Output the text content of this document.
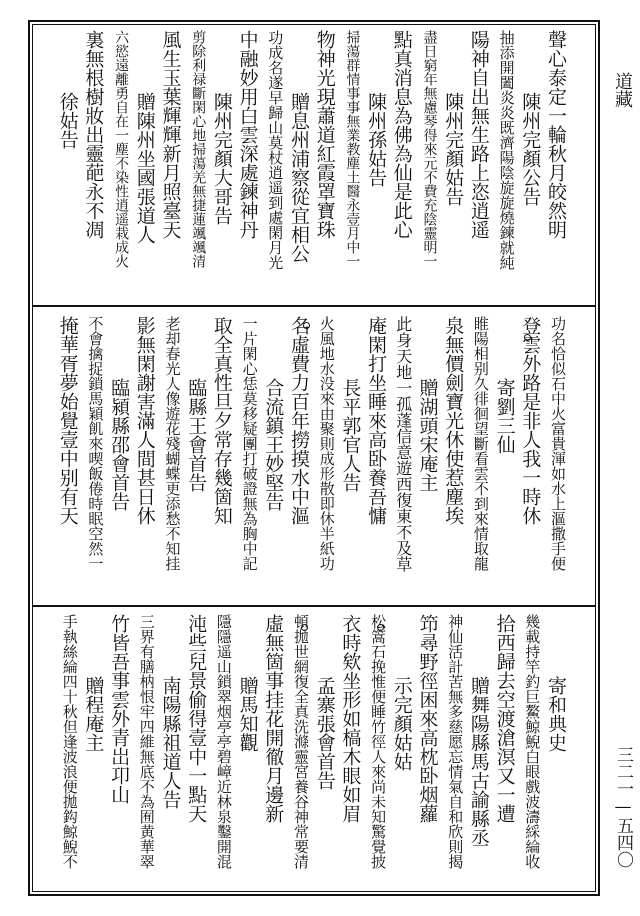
道藏
三二一—五四〇
聲心泰定一輪秋月皎然明
陳州完顏公告
抽添開闔炎炎既濟陽陰旋旋燒鍊就純
陽神自出無生路上恣逍遥
陳州完顏姑告
盡日窮年無慮琴得來元不費充陰靈明一
點真消息為佛為仙是此心
陳州孫姑告
掃蕩群情事事無業教塵土醫永壹月中一
物神光現蕭道紅霞罩寶珠
贈息州浦察從宜相公
功成名遂早歸山莫杖逍遥到處閑月光
中融妙用白雲深處鍊神丹
陳州完顏大哥告
剪除利禄斷閑心地掃蕩羌無捷蓮颯颯清
風生玉葉輝輝新月照臺天
贈陳州坐國張道人
六慾遠離勇自在一塵不染性逍遥栽成火
裏無根樹妝出靈葩永不凋
徐姑告
功名恰似石中火富貴渾如水上漚撒手便
登雲外路是非人我一時休
寄劉三仙
睢陽相别久徘徊望斷看雲不到來情取龍
泉無價劍寶光休使惹塵埃
贈湖頭宋庵主
此身天地一孤蓬信意遊西復東不及草
庵閑打坐睡來高卧養吾慵
長平郭官人告
火風地水没來由聚則成形散即休半紙功
名虛費力百年撈摸水中漚
合流鎮王妙堅告
一片閑心恁莫移疑團打破證無為胸中記
取全真性旦夕常存幾箇知
臨縣王會首告
老却春光人像遊花殘蝴蝶更添愁不知挂
影無閑謝害滿人間甚日休
臨潁縣邵會首告
不會擒捉鎖馬穎飢來喫飯倦時眠空然一
掩華胥夢始覺壹中别有天
寄和典史
幾載持竿釣巨鰲鯨鯢白眼戲波濤綵綸收
拾西歸去空渡滄溟又一遭
贈舞陽縣馬古諭縣丞
神仙活計苦無多慈愿忘情氣自和欣則揭
笻尋野徑困來高枕卧烟蘿
示完顏姑姑
松篙石挽惟便睡竹徑人來尚未知驚覺披
衣時欸坐形如槁木眼如眉
孟寨張會首告
頓拋世網復全真洗滌靈宮養谷神常要清
虛無箇事挂花開徹月邊新
贈馬知觀
隱隱遥山鎖翠烟亭亭碧嶂近林泉鑿開混
沌些兒景偷得壹中一點天
南陽縣祖道人告
三界有膳枘恨牢四維無底不為囿黄華翠
竹皆吾事雲外青岀卭山
贈程庵主
手執絲綸四十秋但逢波浪便拋鈎鯨鯢不
